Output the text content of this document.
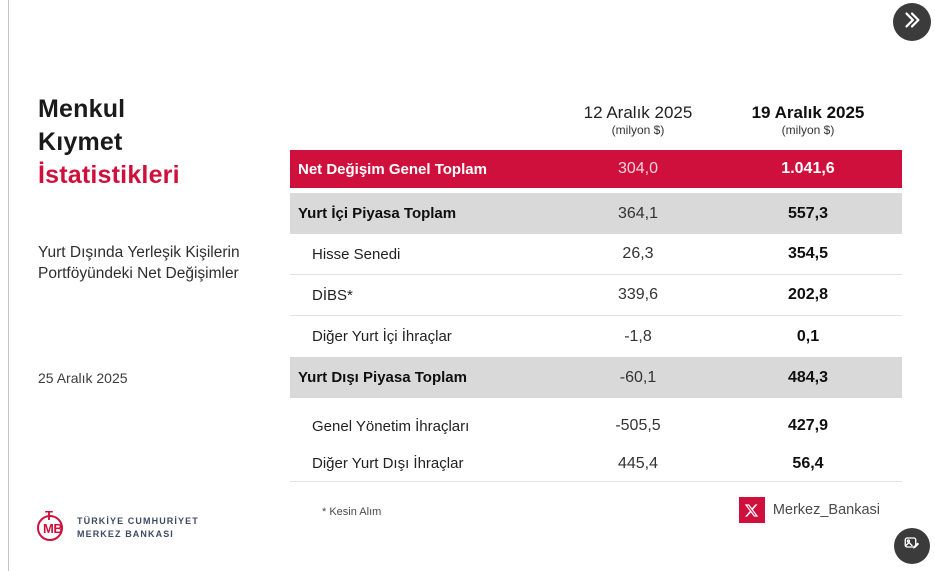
Menkul
Kıymet
İstatistikleri
Yurt Dışında Yerleşik Kişilerin Portföyündeki Net Değişimler
25 Aralık 2025
T
MB
TÜRKİYE CUMHURİYET
MERKEZ BANKASI
12 Aralık 2025
(milyon $)
19 Aralık 2025
(milyon $)
Net Değişim Genel Toplam	304,0	1.041,6
Yurt İçi Piyasa Toplam	364,1	557,3
Hisse Senedi	26,3	354,5
DİBS*	339,6	202,8
Diğer Yurt İçi İhraçlar	-1,8	0,1
Yurt Dışı Piyasa Toplam	-60,1	484,3
Genel Yönetim İhraçları	-505,5	427,9
Diğer Yurt Dışı İhraçlar	445,4	56,4
* Kesin Alım	Merkez_Bankasi
